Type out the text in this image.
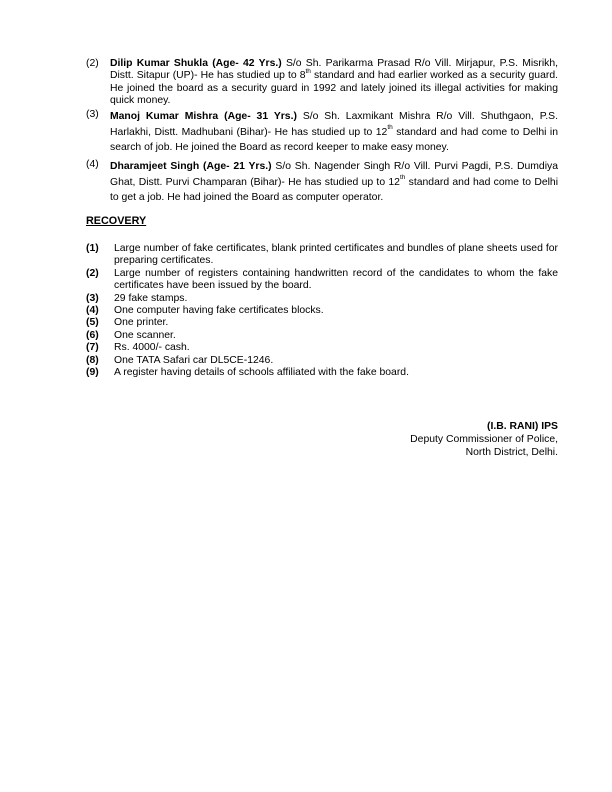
(2)	Dilip Kumar Shukla (Age- 42 Yrs.) S/o Sh. Parikarma Prasad R/o Vill. Mirjapur, P.S. Misrikh, Distt. Sitapur (UP)- He has studied up to 8th standard and had earlier worked as a security guard. He joined the board as a security guard in 1992 and lately joined its illegal activities for making quick money.
(3)	Manoj Kumar Mishra (Age- 31 Yrs.) S/o Sh. Laxmikant Mishra R/o Vill. Shuthgaon, P.S. Harlakhi, Distt. Madhubani (Bihar)- He has studied up to 12th standard and had come to Delhi in search of job. He joined the Board as record keeper to make easy money.
(4)	Dharamjeet Singh (Age- 21 Yrs.) S/o Sh. Nagender Singh R/o Vill. Purvi Pagdi, P.S. Dumdiya Ghat, Distt. Purvi Champaran (Bihar)- He has studied up to 12th standard and had come to Delhi to get a job. He had joined the Board as computer operator.
RECOVERY
(1)	Large number of fake certificates, blank printed certificates and bundles of plane sheets used for preparing certificates.
(2)	Large number of registers containing handwritten record of the candidates to whom the fake certificates have been issued by the board.
(3)	29 fake stamps.
(4)	One computer having fake certificates blocks.
(5)	One printer.
(6)	One scanner.
(7)	Rs. 4000/- cash.
(8)	One TATA Safari car DL5CE-1246.
(9)	A register having details of schools affiliated with the fake board.
(I.B. RANI) IPS
Deputy Commissioner of Police,
North District, Delhi.
